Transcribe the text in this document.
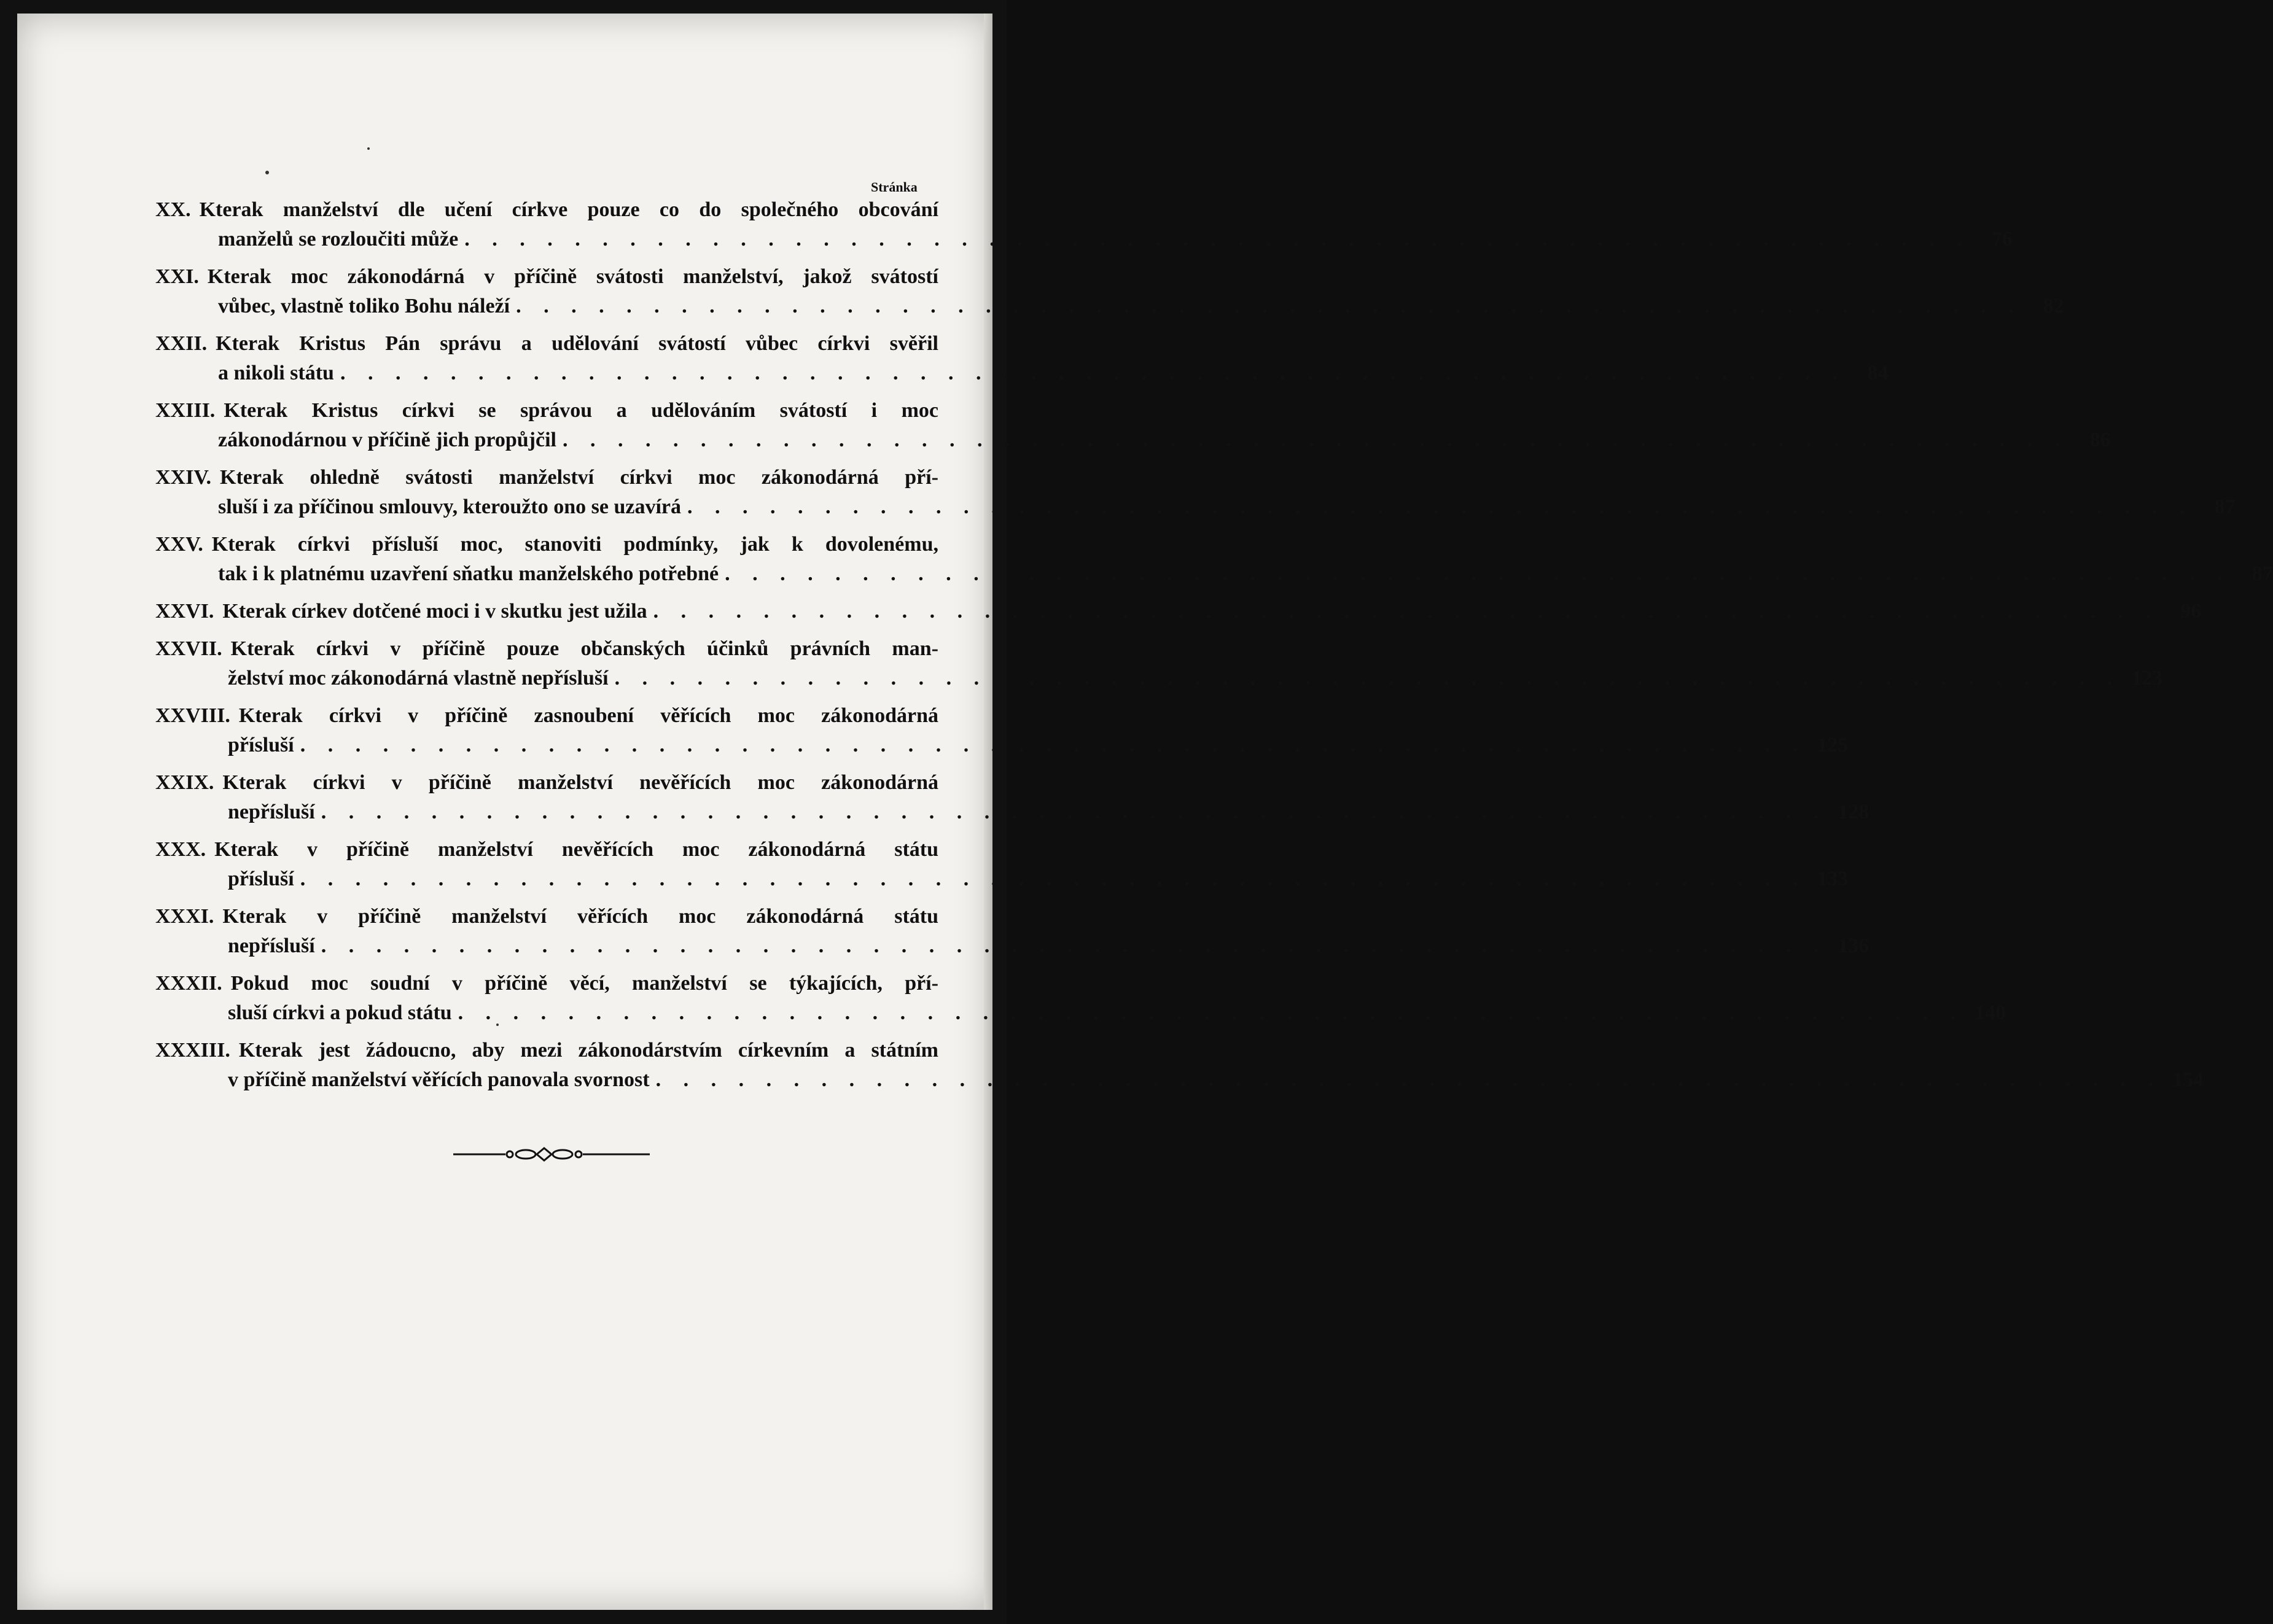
Stránka
XX. Kterak manželství dle učení církve pouze co do společného obcování
manželů se rozloučiti může . . . . . . . . . . . . . . . . . . . . . . . . . . . . . . . . . . . . . . . . . . . . . . . . . . . . . . .	76
XXI. Kterak moc zákonodárná v příčině svátosti manželství, jakož svátostí
vůbec, vlastně toliko Bohu náleží . . . . . . . . . . . . . . . . . . . . . . . . . . . . . . . . . . . . . . . . . . . . . . . . . . . . . . .	82
XXII. Kterak Kristus Pán správu a udělování svátostí vůbec církvi svěřil
a nikoli státu . . . . . . . . . . . . . . . . . . . . . . . . . . . . . . . . . . . . . . . . . . . . . . . . . . . . . . .	84
XXIII. Kterak Kristus církvi se správou a udělováním svátostí i moc
zákonodárnou v příčině jich propůjčil . . . . . . . . . . . . . . . . . . . . . . . . . . . . . . . . . . . . . . . . . . . . . . . . . . . . . . .	86
XXIV. Kterak ohledně svátosti manželství církvi moc zákonodárná pří-
sluší i za příčinou smlouvy, kteroužto ono se uzavírá . . . . . . . . . . . . . . . . . . . . . . . . . . . . . . . . . . . . . . . . . . . . . . . . . . . . . . .	87
XXV. Kterak církvi přísluší moc, stanoviti podmínky, jak k dovolenému,
tak i k platnému uzavření sňatku manželského potřebné . . . . . . . . . . . . . . . . . . . . . . . . . . . . . . . . . . . . . . . . . . . . . . . . . . . . . . .	87
XXVI. Kterak církev dotčené moci i v skutku jest užila . . . . . . . . . . . . . . . . . . . . . . . . . . . . . . . . . . . . . . . . . . . . . . . . . . . . . . .	96
XXVII. Kterak církvi v příčině pouze občanských účinků právních man-
želství moc zákonodárná vlastně nepřísluší . . . . . . . . . . . . . . . . . . . . . . . . . . . . . . . . . . . . . . . . . . . . . . . . . . . . . . . 123
XXVIII. Kterak církvi v příčině zasnoubení věřících moc zákonodárná
přísluší . . . . . . . . . . . . . . . . . . . . . . . . . . . . . . . . . . . . . . . . . . . . . . . . . . . . . . . 125
XXIX. Kterak církvi v příčině manželství nevěřících moc zákonodárná
nepřísluší . . . . . . . . . . . . . . . . . . . . . . . . . . . . . . . . . . . . . . . . . . . . . . . . . . . . . . . 128
XXX. Kterak v příčině manželství nevěřících moc zákonodárná státu
přísluší . . . . . . . . . . . . . . . . . . . . . . . . . . . . . . . . . . . . . . . . . . . . . . . . . . . . . . . 133
XXXI. Kterak v příčině manželství věřících moc zákonodárná státu
nepřísluší . . . . . . . . . . . . . . . . . . . . . . . . . . . . . . . . . . . . . . . . . . . . . . . . . . . . . . . 136
XXXII. Pokud moc soudní v příčině věcí, manželství se týkajících, pří-
sluší církvi a pokud státu . . . . . . . . . . . . . . . . . . . . . . . . . . . . . . . . . . . . . . . . . . . . . . . . . . . . . . . 140
XXXIII. Kterak jest žádoucno, aby mezi zákonodárstvím církevním a státním
v příčině manželství věřících panovala svornost . . . . . . . . . . . . . . . . . . . . . . . . . . . . . . . . . . . . . . . . . . . . . . . . . . . . . . . 154
